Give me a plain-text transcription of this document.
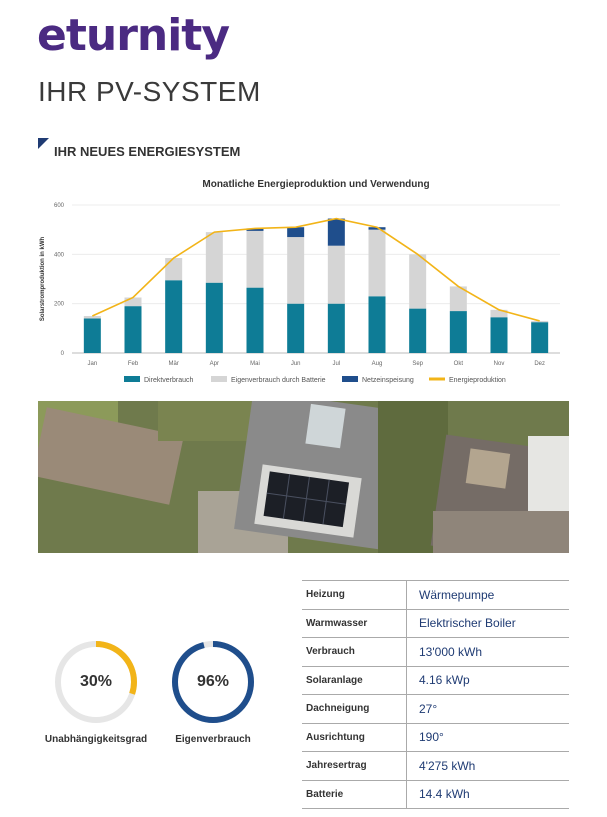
eturnity
IHR PV-SYSTEM
IHR NEUES ENERGIESYSTEM
Monatliche Energieproduktion und Verwendung
0
200
400
600
Solarstromproduktion in kWh
Jan	Feb	Mär	Apr	Mai	Jun	Jul	Aug	Sep	Okt	Nov	Dez
Direktverbrauch	Eigenverbrauch durch Batterie	Netzeinspeisung	Energieproduktion
30%
Unabhängigkeitsgrad
96%
Eigenverbrauch
Heizung	Wärmepumpe
Warmwasser	Elektrischer Boiler
Verbrauch	13'000 kWh
Solaranlage	4.16 kWp
Dachneigung	27°
Ausrichtung	190°
Jahresertrag	4'275 kWh
Batterie	14.4 kWh
